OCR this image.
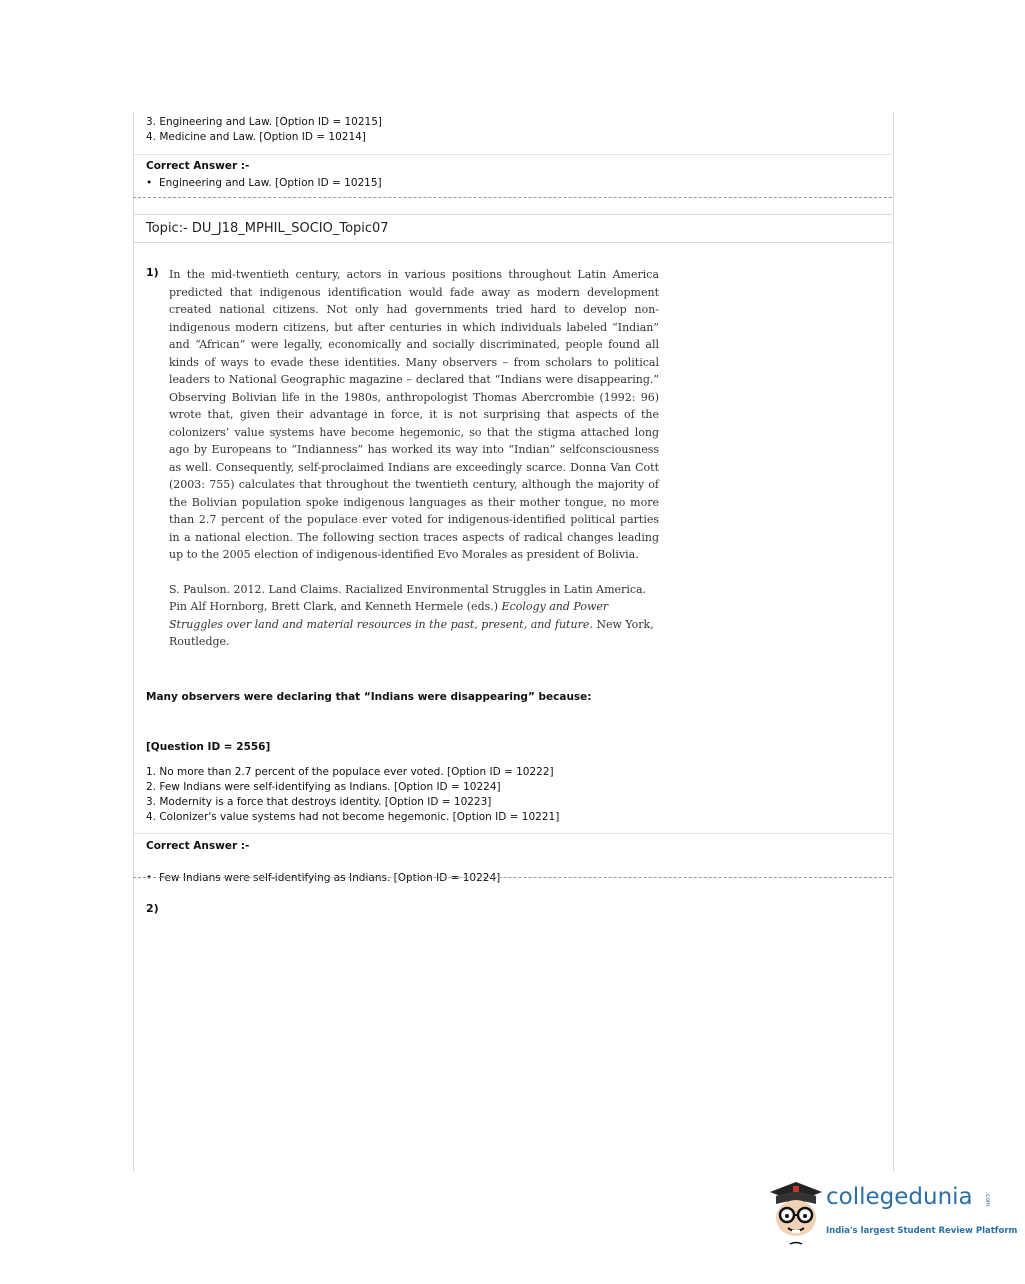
3. Engineering and Law. [Option ID = 10215]
4. Medicine and Law. [Option ID = 10214]
Correct Answer :-
• Engineering and Law. [Option ID = 10215]
Topic:- DU_J18_MPHIL_SOCIO_Topic07
1) In the mid-twentieth century, actors in various positions throughout Latin America predicted that indigenous identification would fade away as modern development created national citizens. Not only had governments tried hard to develop non-indigenous modern citizens, but after centuries in which individuals labeled “Indian” and “African” were legally, economically and socially discriminated, people found all kinds of ways to evade these identities. Many observers – from scholars to political leaders to National Geographic magazine – declared that “Indians were disappearing.” Observing Bolivian life in the 1980s, anthropologist Thomas Abercrombie (1992: 96) wrote that, given their advantage in force, it is not surprising that aspects of the colonizers’ value systems have become hegemonic, so that the stigma attached long ago by Europeans to “Indianness” has worked its way into “Indian” selfconsciousness as well. Consequently, self-proclaimed Indians are exceedingly scarce. Donna Van Cott (2003: 755) calculates that throughout the twentieth century, although the majority of the Bolivian population spoke indigenous languages as their mother tongue, no more than 2.7 percent of the populace ever voted for indigenous-identified political parties in a national election. The following section traces aspects of radical changes leading up to the 2005 election of indigenous-identified Evo Morales as president of Bolivia.

S. Paulson. 2012. Land Claims. Racialized Environmental Struggles in Latin America. Pin Alf Hornborg, Brett Clark, and Kenneth Hermele (eds.) Ecology and Power Struggles over land and material resources in the past, present, and future. New York, Routledge.

Many observers were declaring that “Indians were disappearing” because:
[Question ID = 2556]
1. No more than 2.7 percent of the populace ever voted. [Option ID = 10222]
2. Few Indians were self-identifying as Indians. [Option ID = 10224]
3. Modernity is a force that destroys identity. [Option ID = 10223]
4. Colonizer's value systems had not become hegemonic. [Option ID = 10221]
Correct Answer :-
• Few Indians were self-identifying as Indians. [Option ID = 10224]
2)
collegedunia .com
India's largest Student Review Platform
